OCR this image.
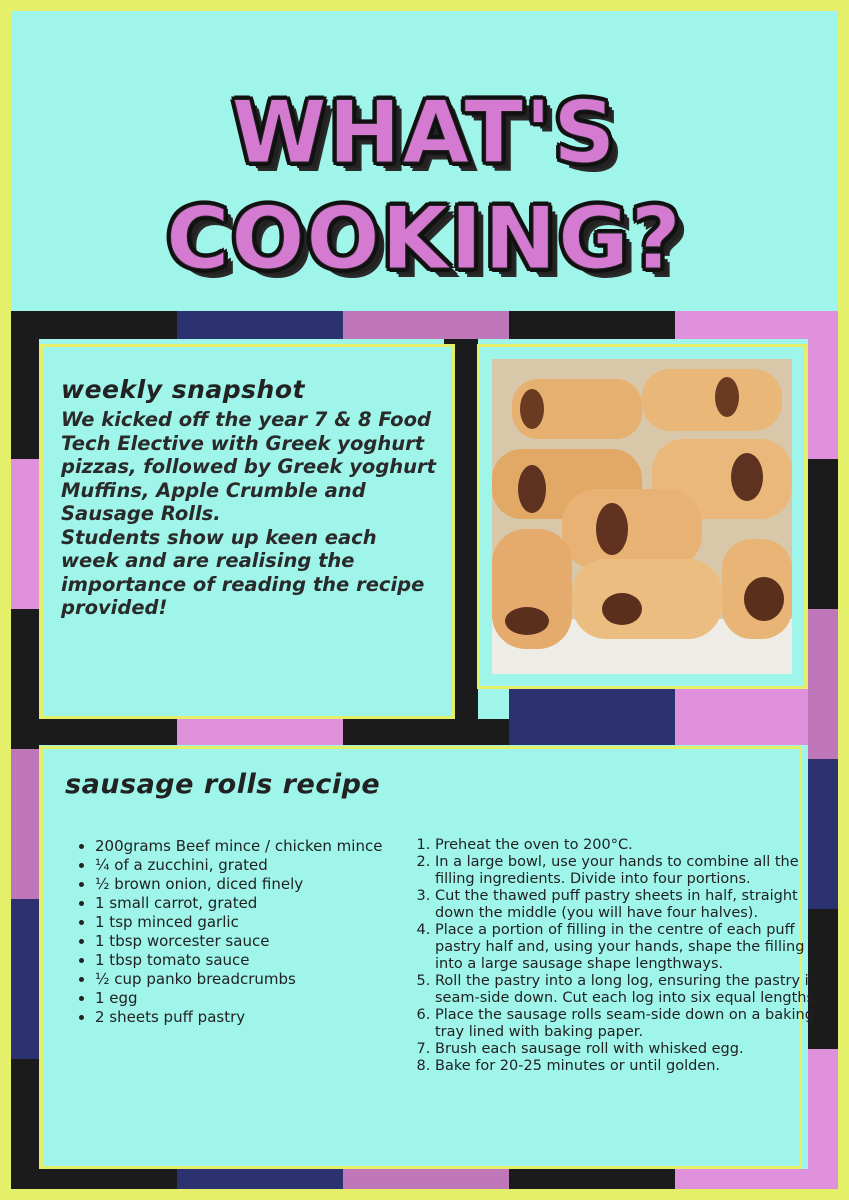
WHAT'S
COOKING?

weekly snapshot

We kicked off the year 7 & 8 Food Tech Elective with Greek yoghurt pizzas, followed by Greek yoghurt Muffins, Apple Crumble and Sausage Rolls.
Students show up keen each week and are realising the importance of reading the recipe provided!

sausage rolls recipe

• 200grams Beef mince / chicken mince
• ¼ of a zucchini, grated
• ½ brown onion, diced finely
• 1 small carrot, grated
• 1 tsp minced garlic
• 1 tbsp worcester sauce
• 1 tbsp tomato sauce
• ½ cup panko breadcrumbs
• 1 egg
• 2 sheets puff pastry
1. Preheat the oven to 200°C.
2. In a large bowl, use your hands to combine all the filling ingredients. Divide into four portions.
3. Cut the thawed puff pastry sheets in half, straight down the middle (you will have four halves).
4. Place a portion of filling in the centre of each puff pastry half and, using your hands, shape the filling into a large sausage shape lengthways.
5. Roll the pastry into a long log, ensuring the pastry is seam-side down. Cut each log into six equal lengths.
6. Place the sausage rolls seam-side down on a baking tray lined with baking paper.
7. Brush each sausage roll with whisked egg.
8. Bake for 20-25 minutes or until golden.
